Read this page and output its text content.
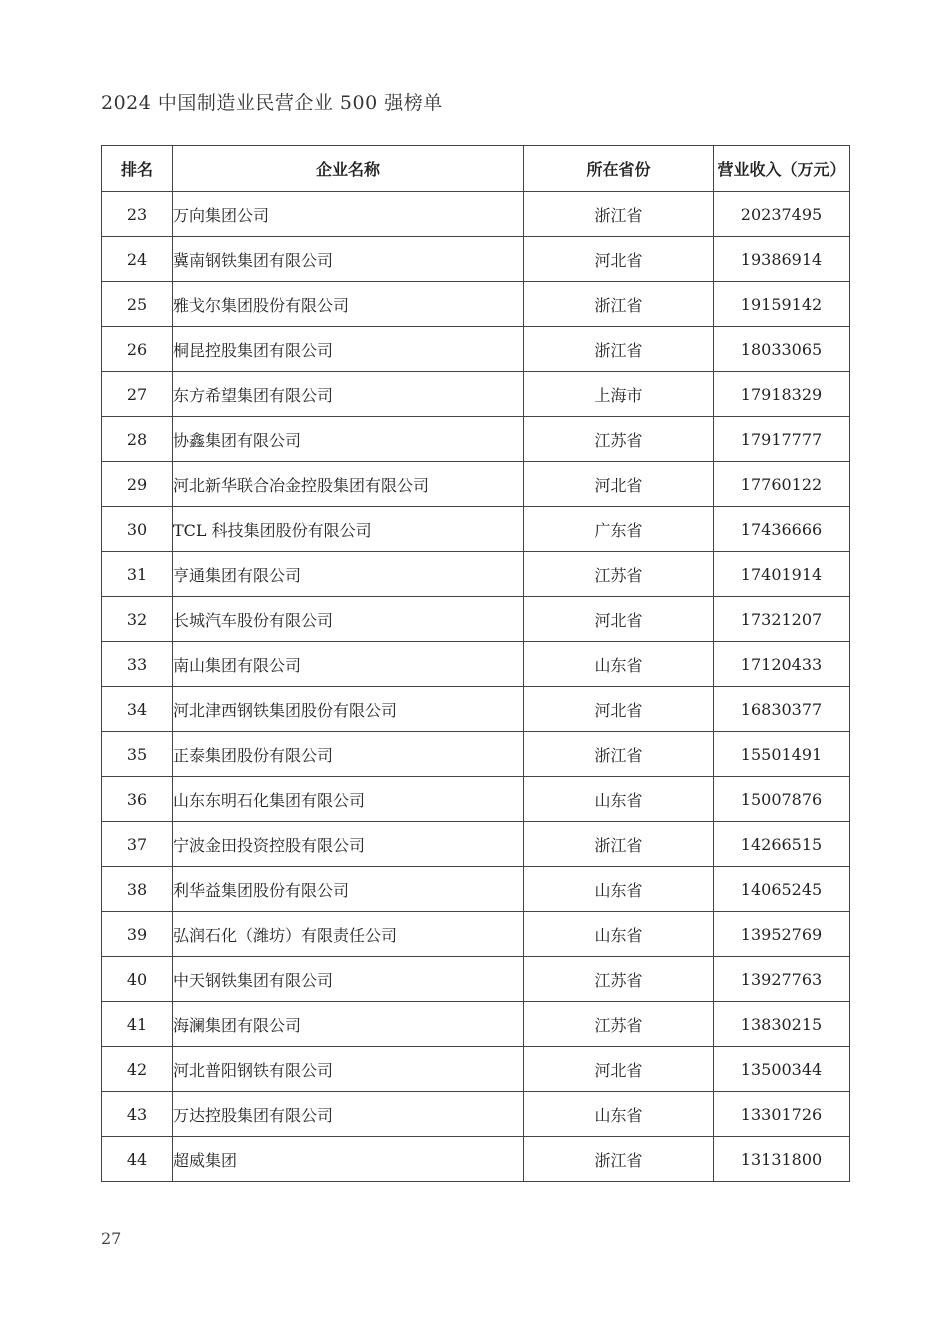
2024 中国制造业民营企业 500 强榜单
排名	企业名称	所在省份	营业收入（万元）
23	万向集团公司	浙江省	20237495
24	冀南钢铁集团有限公司	河北省	19386914
25	雅戈尔集团股份有限公司	浙江省	19159142
26	桐昆控股集团有限公司	浙江省	18033065
27	东方希望集团有限公司	上海市	17918329
28	协鑫集团有限公司	江苏省	17917777
29	河北新华联合冶金控股集团有限公司	河北省	17760122
30	TCL 科技集团股份有限公司	广东省	17436666
31	亨通集团有限公司	江苏省	17401914
32	长城汽车股份有限公司	河北省	17321207
33	南山集团有限公司	山东省	17120433
34	河北津西钢铁集团股份有限公司	河北省	16830377
35	正泰集团股份有限公司	浙江省	15501491
36	山东东明石化集团有限公司	山东省	15007876
37	宁波金田投资控股有限公司	浙江省	14266515
38	利华益集团股份有限公司	山东省	14065245
39	弘润石化（潍坊）有限责任公司	山东省	13952769
40	中天钢铁集团有限公司	江苏省	13927763
41	海澜集团有限公司	江苏省	13830215
42	河北普阳钢铁有限公司	河北省	13500344
43	万达控股集团有限公司	山东省	13301726
44	超威集团	浙江省	13131800
27
